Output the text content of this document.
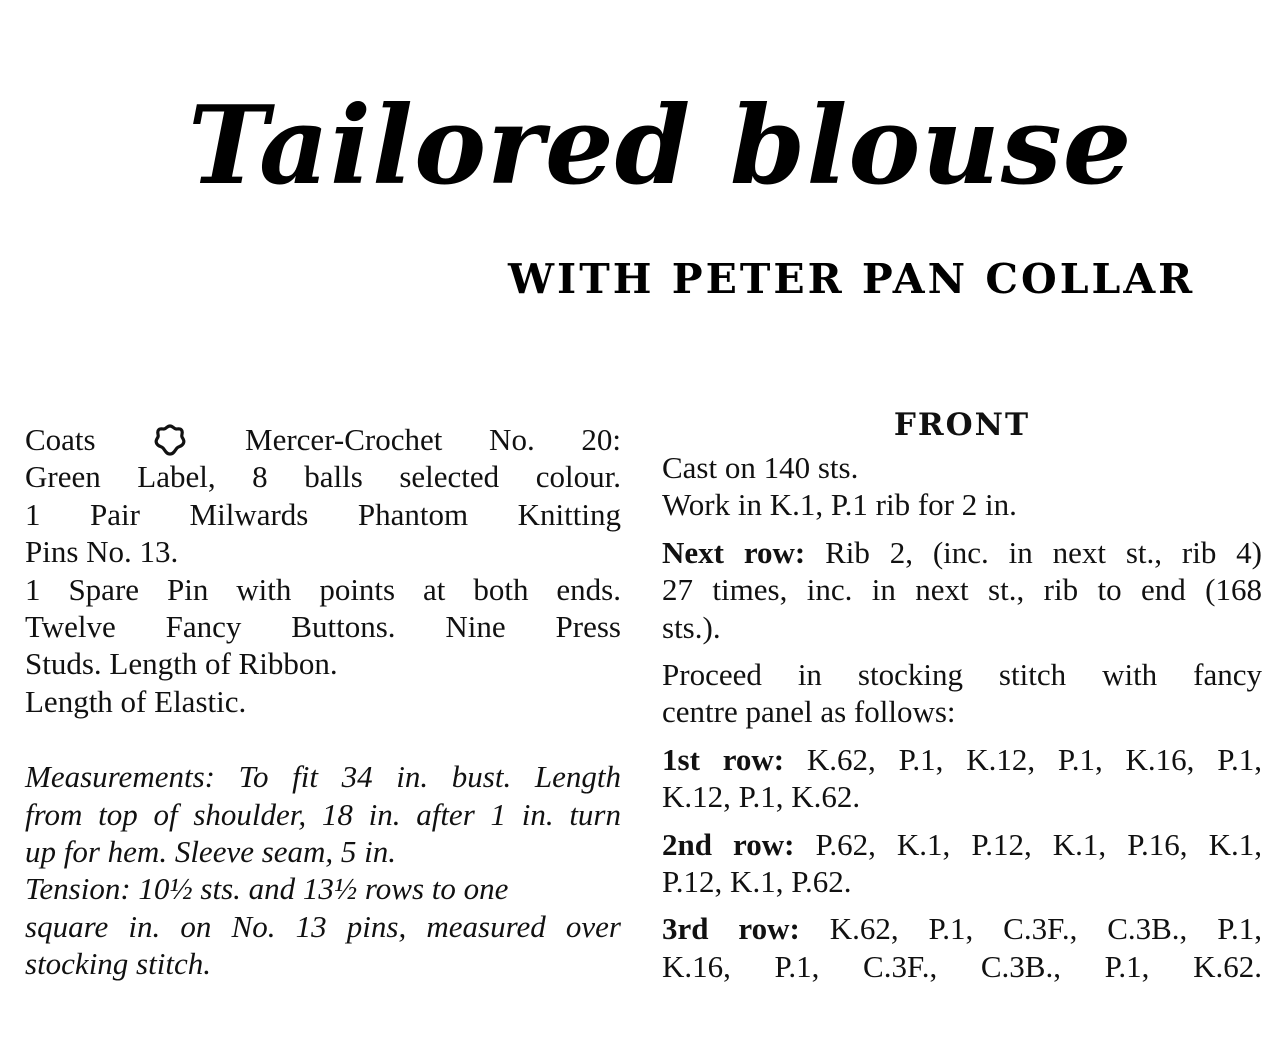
Tailored blouse
WITH PETER PAN COLLAR
Coats	Mercer-Crochet No. 20:
Green Label, 8 balls selected colour.
1 Pair Milwards Phantom Knitting
Pins No. 13.
1 Spare Pin with points at both ends.
Twelve Fancy Buttons. Nine Press
Studs. Length of Ribbon.
Length of Elastic.
Measurements: To fit 34 in. bust. Length
from top of shoulder, 18 in. after 1 in. turn
up for hem. Sleeve seam, 5 in.
Tension: 10½ sts. and 13½ rows to one
square in. on No. 13 pins, measured over
stocking stitch.
FRONT
Cast on 140 sts.
Work in K.1, P.1 rib for 2 in.
Next row: Rib 2, (inc. in next st., rib 4)
27 times, inc. in next st., rib to end (168
sts.).
Proceed in stocking stitch with fancy
centre panel as follows:
1st row: K.62, P.1, K.12, P.1, K.16, P.1,
K.12, P.1, K.62.
2nd row: P.62, K.1, P.12, K.1, P.16, K.1,
P.12, K.1, P.62.
3rd row: K.62, P.1, C.3F., C.3B., P.1,
K.16, P.1, C.3F., C.3B., P.1, K.62.
